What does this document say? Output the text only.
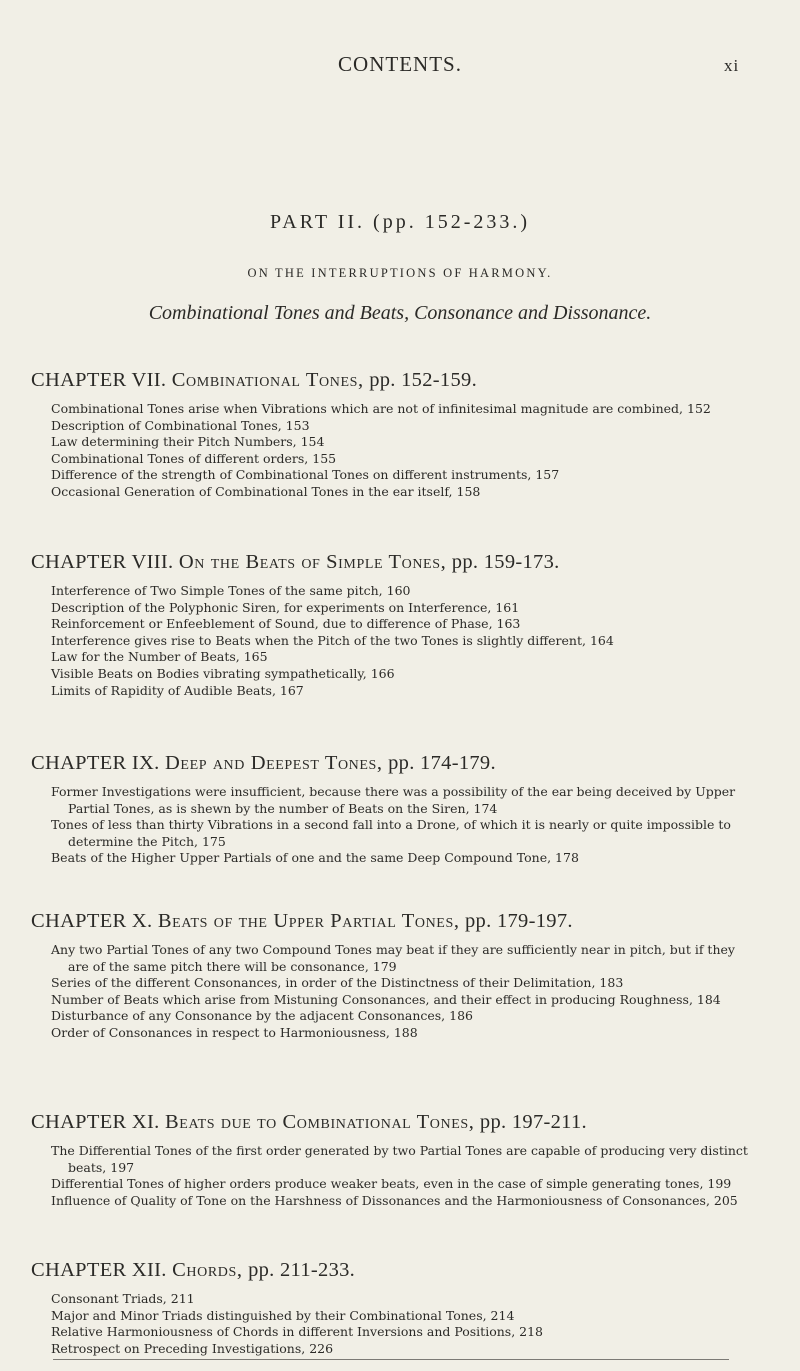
CONTENTS.	xi
PART II. (pp. 152-233.)
ON THE INTERRUPTIONS OF HARMONY.
Combinational Tones and Beats, Consonance and Dissonance.
CHAPTER VII. Combinational Tones, pp. 152-159.
Combinational Tones arise when Vibrations which are not of infinitesimal magnitude are combined, 152
Description of Combinational Tones, 153
Law determining their Pitch Numbers, 154
Combinational Tones of different orders, 155
Difference of the strength of Combinational Tones on different instruments, 157
Occasional Generation of Combinational Tones in the ear itself, 158
CHAPTER VIII. On the Beats of Simple Tones, pp. 159-173.
Interference of Two Simple Tones of the same pitch, 160
Description of the Polyphonic Siren, for experiments on Interference, 161
Reinforcement or Enfeeblement of Sound, due to difference of Phase, 163
Interference gives rise to Beats when the Pitch of the two Tones is slightly different, 164
Law for the Number of Beats, 165
Visible Beats on Bodies vibrating sympathetically, 166
Limits of Rapidity of Audible Beats, 167
CHAPTER IX. Deep and Deepest Tones, pp. 174-179.
Former Investigations were insufficient, because there was a possibility of the ear being deceived by Upper Partial Tones, as is shewn by the number of Beats on the Siren, 174
Tones of less than thirty Vibrations in a second fall into a Drone, of which it is nearly or quite impossible to determine the Pitch, 175
Beats of the Higher Upper Partials of one and the same Deep Compound Tone, 178
CHAPTER X. Beats of the Upper Partial Tones, pp. 179-197.
Any two Partial Tones of any two Compound Tones may beat if they are sufficiently near in pitch, but if they are of the same pitch there will be consonance, 179
Series of the different Consonances, in order of the Distinctness of their Delimitation, 183
Number of Beats which arise from Mistuning Consonances, and their effect in producing Roughness, 184
Disturbance of any Consonance by the adjacent Consonances, 186
Order of Consonances in respect to Harmoniousness, 188
CHAPTER XI. Beats due to Combinational Tones, pp. 197-211.
The Differential Tones of the first order generated by two Partial Tones are capable of producing very distinct beats, 197
Differential Tones of higher orders produce weaker beats, even in the case of simple generating tones, 199
Influence of Quality of Tone on the Harshness of Dissonances and the Harmoniousness of Consonances, 205
CHAPTER XII. Chords, pp. 211-233.
Consonant Triads, 211
Major and Minor Triads distinguished by their Combinational Tones, 214
Relative Harmoniousness of Chords in different Inversions and Positions, 218
Retrospect on Preceding Investigations, 226
